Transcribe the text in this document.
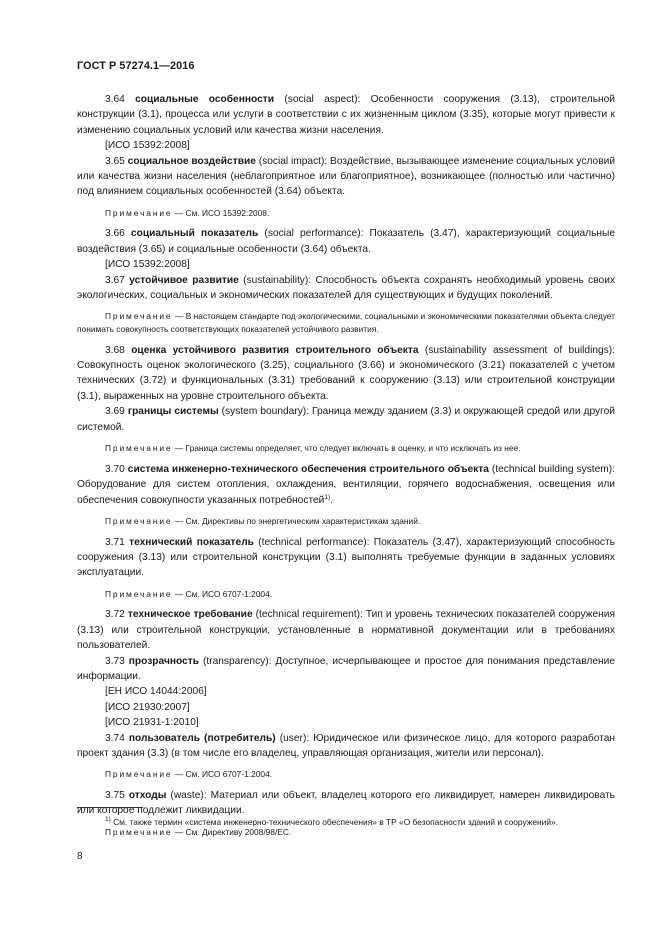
ГОСТ Р 57274.1—2016

3.64 социальные особенности (social aspect): Особенности сооружения (3.13), строительной конструкции (3.1), процесса или услуги в соответствии с их жизненным циклом (3.35), которые могут привести к изменению социальных условий или качества жизни населения.

[ИСО 15392:2008]

3.65 социальное воздействие (social impact): Воздействие, вызывающее изменение социальных условий или качества жизни населения (неблагоприятное или благоприятное), возникающее (полностью или частично) под влиянием социальных особенностей (3.64) объекта.

Примечание — См. ИСО 15392:2008.

3.66 социальный показатель (social performance): Показатель (3.47), характеризующий социальные воздействия (3.65) и социальные особенности (3.64) объекта.

[ИСО 15392:2008]

3.67 устойчивое развитие (sustainability): Способность объекта сохранять необходимый уровень своих экологических, социальных и экономических показателей для существующих и будущих поколений.

Примечание — В настоящем стандарте под экологическими, социальными и экономическими показателями объекта следует понимать совокупность соответствующих показателей устойчивого развития.

3.68 оценка устойчивого развития строительного объекта (sustainability assessment of buildings): Совокупность оценок экологического (3.25), социального (3.66) и экономического (3.21) показателей с учетом технических (3.72) и функциональных (3.31) требований к сооружению (3.13) или строительной конструкции (3.1), выраженных на уровне строительного объекта.

3.69 границы системы (system boundary): Граница между зданием (3.3) и окружающей средой или другой системой.

Примечание — Граница системы определяет, что следует включать в оценку, и что исключать из нее.

3.70 система инженерно-технического обеспечения строительного объекта (technical building system): Оборудование для систем отопления, охлаждения, вентиляции, горячего водоснабжения, освещения или обеспечения совокупности указанных потребностей$^{1)}$.

Примечание — См. Директивы по энергетическим характеристикам зданий.

3.71 технический показатель (technical performance): Показатель (3.47), характеризующий способность сооружения (3.13) или строительной конструкции (3.1) выполнять требуемые функции в заданных условиях эксплуатации.

Примечание — См. ИСО 6707-1:2004.

3.72 техническое требование (technical requirement): Тип и уровень технических показателей сооружения (3.13) или строительной конструкции, установленные в нормативной документации или в требованиях пользователей.

3.73 прозрачность (transparency): Доступное, исчерпывающее и простое для понимания представление информации.

[ЕН ИСО 14044:2006]

[ИСО 21930:2007]

[ИСО 21931-1:2010]

3.74 пользователь (потребитель) (user): Юридическое или физическое лицо, для которого разработан проект здания (3.3) (в том числе его владелец, управляющая организация, жители или персонал).

Примечание — См. ИСО 6707-1:2004.

3.75 отходы (waste): Материал или объект, владелец которого его ликвидирует, намерен ликвидировать или которое подлежит ликвидации.

Примечание — См. Директиву 2008/98/ЕС.

$^{1)}$ См. также термин «система инженерно-технического обеспечения» в ТР «О безопасности зданий и сооружений».
8
